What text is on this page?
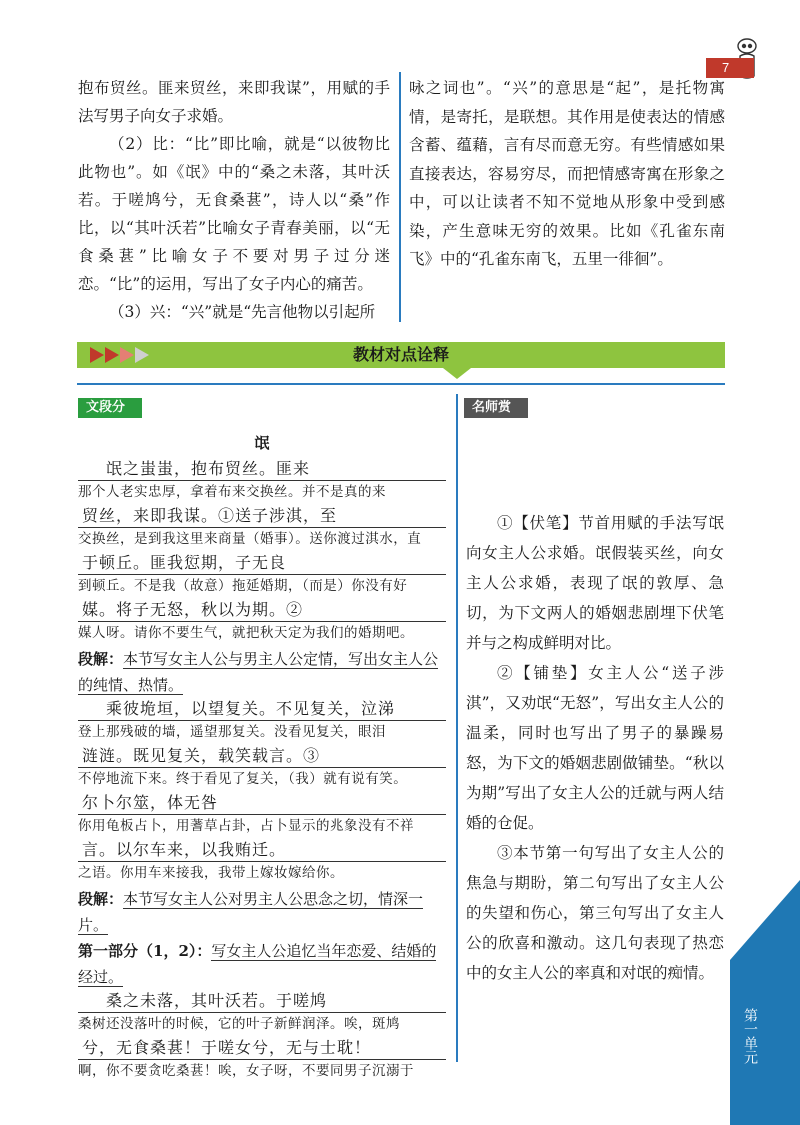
7

抱布贸丝。匪来贸丝，来即我谋”，用赋的手法写男子向女子求婚。

（2）比：“比”即比喻，就是“以彼物比此物也”。如《氓》中的“桑之未落，其叶沃若。于嗟鸠兮，无食桑葚”，诗人以“桑”作比，以“其叶沃若”比喻女子青春美丽，以“无食桑葚”比喻女子不要对男子过分迷恋。“比”的运用，写出了女子内心的痛苦。

（3）兴：“兴”就是“先言他物以引起所

咏之词也”。“兴”的意思是“起”，是托物寓情，是寄托，是联想。其作用是使表达的情感含蓄、蕴藉，言有尽而意无穷。有些情感如果直接表达，容易穷尽，而把情感寄寓在形象之中，可以让读者不知不觉地从形象中受到感染，产生意味无穷的效果。比如《孔雀东南飞》中的“孔雀东南飞，五里一徘徊”。

教材对点诠释
文段分析
名师赏评
氓
氓之蚩蚩，抱布贸丝。匪来
那个人老实忠厚，拿着布来交换丝。并不是真的来
贸丝，来即我谋。①送子涉淇，至
交换丝，是到我这里来商量（婚事）。送你渡过淇水，直
于顿丘。匪我愆期，子无良
到顿丘。不是我（故意）拖延婚期，（而是）你没有好
媒。将子无怒，秋以为期。②
媒人呀。请你不要生气，就把秋天定为我们的婚期吧。
段解：本节写女主人公与男主人公定情，写出女主人公的纯情、热情。
乘彼垝垣，以望复关。不见复关，泣涕
登上那残破的墙，遥望那复关。没看见复关，眼泪
涟涟。既见复关，载笑载言。③
不停地流下来。终于看见了复关，（我）就有说有笑。
尔卜尔筮，体无咎
你用龟板占卜，用蓍草占卦，占卜显示的兆象没有不祥
言。以尔车来，以我贿迁。
之语。你用车来接我，我带上嫁妆嫁给你。
段解：本节写女主人公对男主人公思念之切，情深一片。
第一部分（1，2）：写女主人公追忆当年恋爱、结婚的经过。
桑之未落，其叶沃若。于嗟鸠
桑树还没落叶的时候，它的叶子新鲜润泽。唉，斑鸠
兮，无食桑葚！于嗟女兮，无与士耽！
啊，你不要贪吃桑葚！唉，女子呀，不要同男子沉溺于

①【伏笔】节首用赋的手法写氓向女主人公求婚。氓假装买丝，向女主人公求婚，表现了氓的敦厚、急切，为下文两人的婚姻悲剧埋下伏笔并与之构成鲜明对比。

②【铺垫】女主人公“送子涉淇”，又劝氓“无怒”，写出女主人公的温柔，同时也写出了男子的暴躁易怒，为下文的婚姻悲剧做铺垫。“秋以为期”写出了女主人公的迁就与两人结婚的仓促。

③本节第一句写出了女主人公的焦急与期盼，第二句写出了女主人公的失望和伤心，第三句写出了女主人公的欣喜和激动。这几句表现了热恋中的女主人公的率真和对氓的痴情。

第一单元
